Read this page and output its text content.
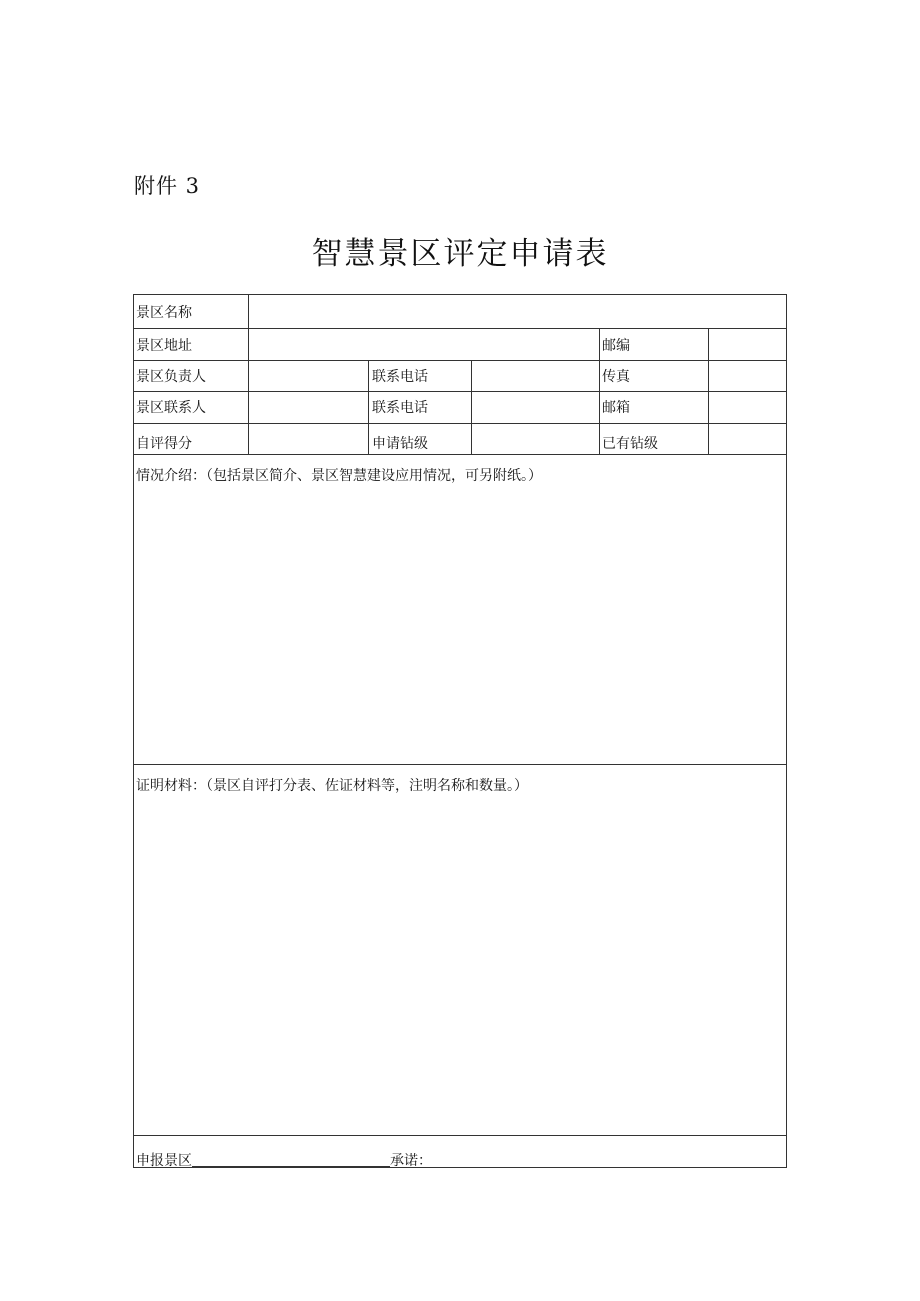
附件 3
智慧景区评定申请表
景区名称
景区地址	邮编
景区负责人	联系电话	传真
景区联系人	联系电话	邮箱
自评得分	申请钻级	已有钻级
情况介绍：（包括景区简介、景区智慧建设应用情况，可另附纸。）
证明材料：（景区自评打分表、佐证材料等，注明名称和数量。）
申报景区	承诺：
